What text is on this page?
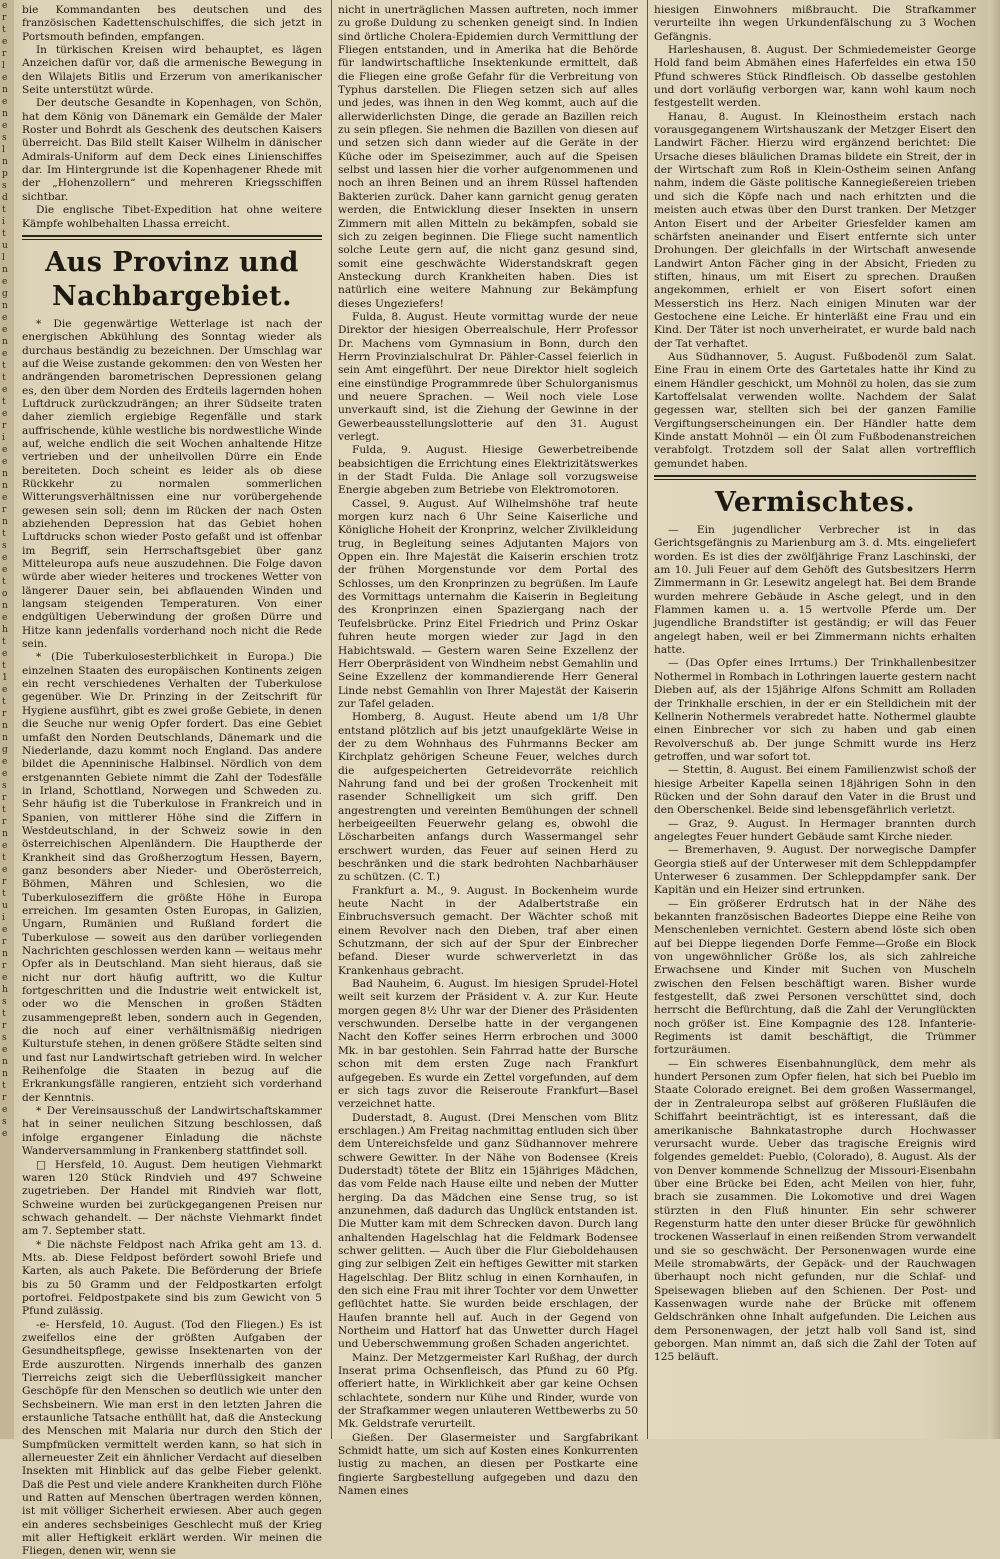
e
r
t
e
r
l
e
n
e
n
e
s
l
n
p
s
d
t
i
t
u
l
n
e
g
n
e
e
n
e
t
t
e
t
e
r
i
e
e
n
n
e
r
n
t
s
e
e
t
o
n
e
h
t
e
t
1
e
t
r
n
n
g
e
e
s
r
t
r
n
e
t
e
r
t
u
i
e
r
n
r
e
h
s
t
r
s
e
n
n
t
r
e
s
e

bie Kommandanten bes deutschen und des französischen Kadettenschulschiffes, die sich jetzt in Portsmouth befinden, empfangen.

In türkischen Kreisen wird behauptet, es lägen Anzeichen dafür vor, daß die armenische Bewegung in den Wilajets Bitlis und Erzerum von amerikanischer Seite unterstützt würde.

Der deutsche Gesandte in Kopenhagen, von Schön, hat dem König von Dänemark ein Gemälde der Maler Roster und Bohrdt als Geschenk des deutschen Kaisers überreicht. Das Bild stellt Kaiser Wilhelm in dänischer Admirals-Uniform auf dem Deck eines Linienschiffes dar. Im Hintergrunde ist die Kopenhagener Rhede mit der „Hohenzollern“ und mehreren Kriegsschiffen sichtbar.

Die englische Tibet-Expedition hat ohne weitere Kämpfe wohlbehalten Lhassa erreicht.

Aus Provinz und Nachbargebiet.

* Die gegenwärtige Wetterlage ist nach der energischen Abkühlung des Sonntag wieder als durchaus beständig zu bezeichnen. Der Umschlag war auf die Weise zustande gekommen: den von Westen her andrängenden barometrischen Depressionen gelang es, den über dem Norden des Erdteils lagernden hohen Luftdruck zurückzudrängen; an ihrer Südseite traten daher ziemlich ergiebige Regenfälle und stark auffrischende, kühle westliche bis nordwestliche Winde auf, welche endlich die seit Wochen anhaltende Hitze vertrieben und der unheilvollen Dürre ein Ende bereiteten. Doch scheint es leider als ob diese Rückkehr zu normalen sommerlichen Witterungsverhältnissen eine nur vorübergehende gewesen sein soll; denn im Rücken der nach Osten abziehenden Depression hat das Gebiet hohen Luftdrucks schon wieder Posto gefaßt und ist offenbar im Begriff, sein Herrschaftsgebiet über ganz Mitteleuropa aufs neue auszudehnen. Die Folge davon würde aber wieder heiteres und trockenes Wetter von längerer Dauer sein, bei abflauenden Winden und langsam steigenden Temperaturen. Von einer endgültigen Ueberwindung der großen Dürre und Hitze kann jedenfalls vorderhand noch nicht die Rede sein.

* (Die Tuberkulosesterblichkeit in Europa.) Die einzelnen Staaten des europäischen Kontinents zeigen ein recht verschiedenes Verhalten der Tuberkulose gegenüber. Wie Dr. Prinzing in der Zeitschrift für Hygiene ausführt, gibt es zwei große Gebiete, in denen die Seuche nur wenig Opfer fordert. Das eine Gebiet umfaßt den Norden Deutschlands, Dänemark und die Niederlande, dazu kommt noch England. Das andere bildet die Apenninische Halbinsel. Nördlich von dem erstgenannten Gebiete nimmt die Zahl der Todesfälle in Irland, Schottland, Norwegen und Schweden zu. Sehr häufig ist die Tuberkulose in Frankreich und in Spanien, von mittlerer Höhe sind die Ziffern in Westdeutschland, in der Schweiz sowie in den österreichischen Alpenländern. Die Hauptherde der Krankheit sind das Großherzogtum Hessen, Bayern, ganz besonders aber Nieder- und Oberösterreich, Böhmen, Mähren und Schlesien, wo die Tuberkuloseziffern die größte Höhe in Europa erreichen. Im gesamten Osten Europas, in Galizien, Ungarn, Rumänien und Rußland fordert die Tuberkulose — soweit aus den darüber vorliegenden Nachrichten geschlossen werden kann — weitaus mehr Opfer als in Deutschland. Man sieht hieraus, daß sie nicht nur dort häufig auftritt, wo die Kultur fortgeschritten und die Industrie weit entwickelt ist, oder wo die Menschen in großen Städten zusammengepreßt leben, sondern auch in Gegenden, die noch auf einer verhältnismäßig niedrigen Kulturstufe stehen, in denen größere Städte selten sind und fast nur Landwirtschaft getrieben wird. In welcher Reihenfolge die Staaten in bezug auf die Erkrankungsfälle rangieren, entzieht sich vorderhand der Kenntnis.

* Der Vereinsausschuß der Landwirtschaftskammer hat in seiner neulichen Sitzung beschlossen, daß infolge ergangener Einladung die nächste Wanderversammlung in Frankenberg stattfindet soll.

□ Hersfeld, 10. August. Dem heutigen Viehmarkt waren 120 Stück Rindvieh und 497 Schweine zugetrieben. Der Handel mit Rindvieh war flott, Schweine wurden bei zurückgegangenen Preisen nur schwach gehandelt. — Der nächste Viehmarkt findet am 7. September statt.

* Die nächste Feldpost nach Afrika geht am 13. d. Mts. ab. Diese Feldpost befördert sowohl Briefe und Karten, als auch Pakete. Die Beförderung der Briefe bis zu 50 Gramm und der Feldpostkarten erfolgt portofrei. Feldpostpakete sind bis zum Gewicht von 5 Pfund zulässig.

-e- Hersfeld, 10. August. (Tod den Fliegen.) Es ist zweifellos eine der größten Aufgaben der Gesundheitspflege, gewisse Insektenarten von der Erde auszurotten. Nirgends innerhalb des ganzen Tierreichs zeigt sich die Ueberflüssigkeit mancher Geschöpfe für den Menschen so deutlich wie unter den Sechsbeinern. Wie man erst in den letzten Jahren die erstaunliche Tatsache enthüllt hat, daß die Ansteckung des Menschen mit Malaria nur durch den Stich der Sumpfmücken vermittelt werden kann, so hat sich in allerneuester Zeit ein ähnlicher Verdacht auf dieselben Insekten mit Hinblick auf das gelbe Fieber gelenkt. Daß die Pest und viele andere Krankheiten durch Flöhe und Ratten auf Menschen übertragen werden können, ist mit völliger Sicherheit erwiesen. Aber auch gegen ein anderes sechsbeiniges Geschlecht muß der Krieg mit aller Heftigkeit erklärt werden. Wir meinen die Fliegen, denen wir, wenn sie

nicht in unerträglichen Massen auftreten, noch immer zu große Duldung zu schenken geneigt sind. In Indien sind örtliche Cholera-Epidemien durch Vermittlung der Fliegen entstanden, und in Amerika hat die Behörde für landwirtschaftliche Insektenkunde ermittelt, daß die Fliegen eine große Gefahr für die Verbreitung von Typhus darstellen. Die Fliegen setzen sich auf alles und jedes, was ihnen in den Weg kommt, auch auf die allerwiderlichsten Dinge, die gerade an Bazillen reich zu sein pflegen. Sie nehmen die Bazillen von diesen auf und setzen sich dann wieder auf die Geräte in der Küche oder im Speisezimmer, auch auf die Speisen selbst und lassen hier die vorher aufgenommenen und noch an ihren Beinen und an ihrem Rüssel haftenden Bakterien zurück. Daher kann garnicht genug geraten werden, die Entwicklung dieser Insekten in unsern Zimmern mit allen Mitteln zu bekämpfen, sobald sie sich zu zeigen beginnen. Die Fliege sucht namentlich solche Leute gern auf, die nicht ganz gesund sind, somit eine geschwächte Widerstandskraft gegen Ansteckung durch Krankheiten haben. Dies ist natürlich eine weitere Mahnung zur Bekämpfung dieses Ungeziefers!

Fulda, 8. August. Heute vormittag wurde der neue Direktor der hiesigen Oberrealschule, Herr Professor Dr. Machens vom Gymnasium in Bonn, durch den Herrn Provinzialschulrat Dr. Pähler-Cassel feierlich in sein Amt eingeführt. Der neue Direktor hielt sogleich eine einstündige Programmrede über Schulorganismus und neuere Sprachen. — Weil noch viele Lose unverkauft sind, ist die Ziehung der Gewinne in der Gewerbeausstellungslotterie auf den 31. August verlegt.

Fulda, 9. August. Hiesige Gewerbetreibende beabsichtigen die Errichtung eines Elektrizitätswerkes in der Stadt Fulda. Die Anlage soll vorzugsweise Energie abgeben zum Betriebe von Elektromotoren.

Cassel, 9. August. Auf Wilhelmshöhe traf heute morgen kurz nach 6 Uhr Seine Kaiserliche und Königliche Hoheit der Kronprinz, welcher Zivilkleidung trug, in Begleitung seines Adjutanten Majors von Oppen ein. Ihre Majestät die Kaiserin erschien trotz der frühen Morgenstunde vor dem Portal des Schlosses, um den Kronprinzen zu begrüßen. Im Laufe des Vormittags unternahm die Kaiserin in Begleitung des Kronprinzen einen Spaziergang nach der Teufelsbrücke. Prinz Eitel Friedrich und Prinz Oskar fuhren heute morgen wieder zur Jagd in den Habichtswald. — Gestern waren Seine Exzellenz der Herr Oberpräsident von Windheim nebst Gemahlin und Seine Exzellenz der kommandierende Herr General Linde nebst Gemahlin von Ihrer Majestät der Kaiserin zur Tafel geladen.

Homberg, 8. August. Heute abend um 1/8 Uhr entstand plötzlich auf bis jetzt unaufgeklärte Weise in der zu dem Wohnhaus des Fuhrmanns Becker am Kirchplatz gehörigen Scheune Feuer, welches durch die aufgespeicherten Getreidevorräte reichlich Nahrung fand und bei der großen Trockenheit mit rasender Schnelligkeit um sich griff. Den angestrengten und vereinten Bemühungen der schnell herbeigeeilten Feuerwehr gelang es, obwohl die Löscharbeiten anfangs durch Wassermangel sehr erschwert wurden, das Feuer auf seinen Herd zu beschränken und die stark bedrohten Nachbarhäuser zu schützen. (C. T.)

Frankfurt a. M., 9. August. In Bockenheim wurde heute Nacht in der Adalbertstraße ein Einbruchsversuch gemacht. Der Wächter schoß mit einem Revolver nach den Dieben, traf aber einen Schutzmann, der sich auf der Spur der Einbrecher befand. Dieser wurde schwerverletzt in das Krankenhaus gebracht.

Bad Nauheim, 6. August. Im hiesigen Sprudel-Hotel weilt seit kurzem der Präsident v. A. zur Kur. Heute morgen gegen 8½ Uhr war der Diener des Präsidenten verschwunden. Derselbe hatte in der vergangenen Nacht den Koffer seines Herrn erbrochen und 3000 Mk. in bar gestohlen. Sein Fahrrad hatte der Bursche schon mit dem ersten Zuge nach Frankfurt aufgegeben. Es wurde ein Zettel vorgefunden, auf dem er sich tags zuvor die Reiseroute Frankfurt—Basel verzeichnet hatte.

Duderstadt, 8. August. (Drei Menschen vom Blitz erschlagen.) Am Freitag nachmittag entluden sich über dem Untereichsfelde und ganz Südhannover mehrere schwere Gewitter. In der Nähe von Bodensee (Kreis Duderstadt) tötete der Blitz ein 15jähriges Mädchen, das vom Felde nach Hause eilte und neben der Mutter herging. Da das Mädchen eine Sense trug, so ist anzunehmen, daß dadurch das Unglück entstanden ist. Die Mutter kam mit dem Schrecken davon. Durch lang anhaltenden Hagelschlag hat die Feldmark Bodensee schwer gelitten. — Auch über die Flur Gieboldehausen ging zur selbigen Zeit ein heftiges Gewitter mit starken Hagelschlag. Der Blitz schlug in einen Kornhaufen, in den sich eine Frau mit ihrer Tochter vor dem Unwetter geflüchtet hatte. Sie wurden beide erschlagen, der Haufen brannte hell auf. Auch in der Gegend von Northeim und Hattorf hat das Unwetter durch Hagel und Ueberschwemmung großen Schaden angerichtet.

Mainz. Der Metzgermeister Karl Rußhag, der durch Inserat prima Ochsenfleisch, das Pfund zu 60 Pfg. offeriert hatte, in Wirklichkeit aber gar keine Ochsen schlachtete, sondern nur Kühe und Rinder, wurde von der Strafkammer wegen unlauteren Wettbewerbs zu 50 Mk. Geldstrafe verurteilt.

Gießen. Der Glasermeister und Sargfabrikant Schmidt hatte, um sich auf Kosten eines Konkurrenten lustig zu machen, an diesen per Postkarte eine fingierte Sargbestellung aufgegeben und dazu den Namen eines

hiesigen Einwohners mißbraucht. Die Strafkammer verurteilte ihn wegen Urkundenfälschung zu 3 Wochen Gefängnis.

Harleshausen, 8. August. Der Schmiedemeister George Hold fand beim Abmähen eines Haferfeldes ein etwa 150 Pfund schweres Stück Rindfleisch. Ob dasselbe gestohlen und dort vorläufig verborgen war, kann wohl kaum noch festgestellt werden.

Hanau, 8. August. In Kleinostheim erstach nach vorausgegangenem Wirtshauszank der Metzger Eisert den Landwirt Fächer. Hierzu wird ergänzend berichtet: Die Ursache dieses bläulichen Dramas bildete ein Streit, der in der Wirtschaft zum Roß in Klein-Ostheim seinen Anfang nahm, indem die Gäste politische Kannegießereien trieben und sich die Köpfe nach und nach erhitzten und die meisten auch etwas über den Durst tranken. Der Metzger Anton Eisert und der Arbeiter Griesfelder kamen am schärfsten aneinander und Eisert entfernte sich unter Drohungen. Der gleichfalls in der Wirtschaft anwesende Landwirt Anton Fächer ging in der Absicht, Frieden zu stiften, hinaus, um mit Eisert zu sprechen. Draußen angekommen, erhielt er von Eisert sofort einen Messerstich ins Herz. Nach einigen Minuten war der Gestochene eine Leiche. Er hinterläßt eine Frau und ein Kind. Der Täter ist noch unverheiratet, er wurde bald nach der Tat verhaftet.

Aus Südhannover, 5. August. Fußbodenöl zum Salat. Eine Frau in einem Orte des Gartetales hatte ihr Kind zu einem Händler geschickt, um Mohnöl zu holen, das sie zum Kartoffelsalat verwenden wollte. Nachdem der Salat gegessen war, stellten sich bei der ganzen Familie Vergiftungserscheinungen ein. Der Händler hatte dem Kinde anstatt Mohnöl — ein Öl zum Fußbodenanstreichen verabfolgt. Trotzdem soll der Salat allen vortrefflich gemundet haben.

Vermischtes.

— Ein jugendlicher Verbrecher ist in das Gerichtsgefängnis zu Marienburg am 3. d. Mts. eingeliefert worden. Es ist dies der zwölfjährige Franz Laschinski, der am 10. Juli Feuer auf dem Gehöft des Gutsbesitzers Herrn Zimmermann in Gr. Lesewitz angelegt hat. Bei dem Brande wurden mehrere Gebäude in Asche gelegt, und in den Flammen kamen u. a. 15 wertvolle Pferde um. Der jugendliche Brandstifter ist geständig; er will das Feuer angelegt haben, weil er bei Zimmermann nichts erhalten hatte.

— (Das Opfer eines Irrtums.) Der Trinkhallenbesitzer Nothermel in Rombach in Lothringen lauerte gestern nacht Dieben auf, als der 15jährige Alfons Schmitt am Rolladen der Trinkhalle erschien, in der er ein Stelldichein mit der Kellnerin Nothermels verabredet hatte. Nothermel glaubte einen Einbrecher vor sich zu haben und gab einen Revolverschuß ab. Der junge Schmitt wurde ins Herz getroffen, und war sofort tot.

— Stettin, 8. August. Bei einem Familienzwist schoß der hiesige Arbeiter Kapella seinen 18jährigen Sohn in den Rücken und der Sohn darauf den Vater in die Brust und den Oberschenkel. Beide sind lebensgefährlich verletzt.

— Graz, 9. August. In Hermager brannten durch angelegtes Feuer hundert Gebäude samt Kirche nieder.

— Bremerhaven, 9. August. Der norwegische Dampfer Georgia stieß auf der Unterweser mit dem Schleppdampfer Unterweser 6 zusammen. Der Schleppdampfer sank. Der Kapitän und ein Heizer sind ertrunken.

— Ein größerer Erdrutsch hat in der Nähe des bekannten französischen Badeortes Dieppe eine Reihe von Menschenleben vernichtet. Gestern abend löste sich oben auf bei Dieppe liegenden Dorfe Femme—Große ein Block von ungewöhnlicher Größe los, als sich zahlreiche Erwachsene und Kinder mit Suchen von Muscheln zwischen den Felsen beschäftigt waren. Bisher wurde festgestellt, daß zwei Personen verschüttet sind, doch herrscht die Befürchtung, daß die Zahl der Verunglückten noch größer ist. Eine Kompagnie des 128. Infanterie-Regiments ist damit beschäftigt, die Trümmer fortzuräumen.

— Ein schweres Eisenbahnunglück, dem mehr als hundert Personen zum Opfer fielen, hat sich bei Pueblo im Staate Colorado ereignet. Bei dem großen Wassermangel, der in Zentraleuropa selbst auf größeren Flußläufen die Schiffahrt beeinträchtigt, ist es interessant, daß die amerikanische Bahnkatastrophe durch Hochwasser verursacht wurde. Ueber das tragische Ereignis wird folgendes gemeldet: Pueblo, (Colorado), 8. August. Als der von Denver kommende Schnellzug der Missouri-Eisenbahn über eine Brücke bei Eden, acht Meilen von hier, fuhr, brach sie zusammen. Die Lokomotive und drei Wagen stürzten in den Fluß hinunter. Ein sehr schwerer Regensturm hatte den unter dieser Brücke für gewöhnlich trockenen Wasserlauf in einen reißenden Strom verwandelt und sie so geschwächt. Der Personenwagen wurde eine Meile stromabwärts, der Gepäck- und der Rauchwagen überhaupt noch nicht gefunden, nur die Schlaf- und Speisewagen blieben auf den Schienen. Der Post- und Kassenwagen wurde nahe der Brücke mit offenem Geldschränken ohne Inhalt aufgefunden. Die Leichen aus dem Personenwagen, der jetzt halb voll Sand ist, sind geborgen. Man nimmt an, daß sich die Zahl der Toten auf 125 beläuft.
